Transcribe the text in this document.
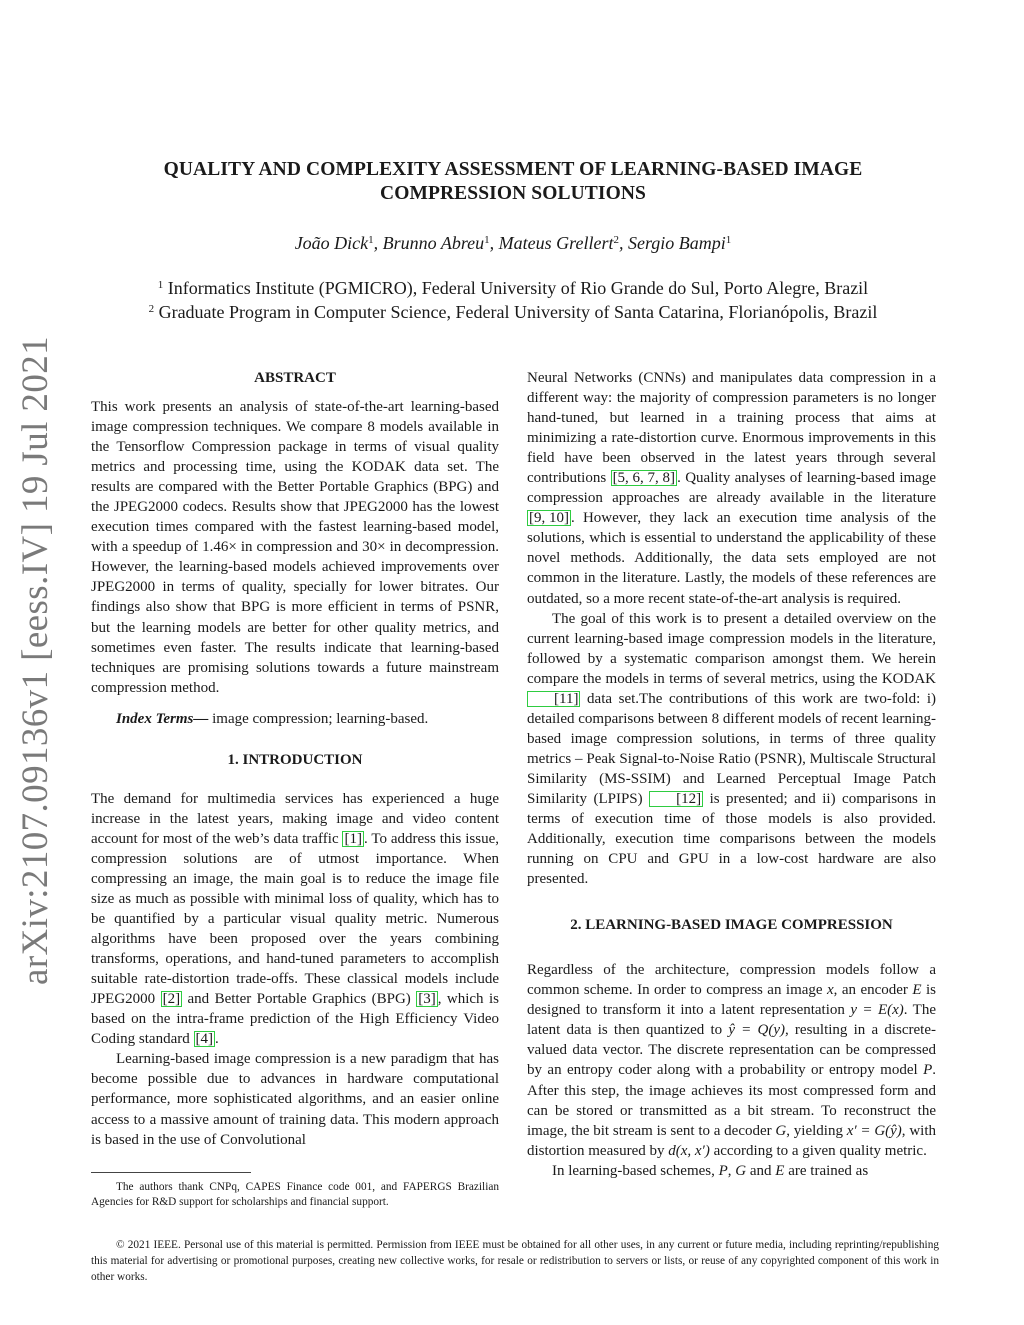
QUALITY AND COMPLEXITY ASSESSMENT OF LEARNING-BASED IMAGE
COMPRESSION SOLUTIONS
João Dick$^1$, Brunno Abreu$^1$, Mateus Grellert$^2$, Sergio Bampi$^1$
$^1$ Informatics Institute (PGMICRO), Federal University of Rio Grande do Sul, Porto Alegre, Brazil
$^2$ Graduate Program in Computer Science, Federal University of Santa Catarina, Florianópolis, Brazil
arXiv:2107.09136v1 [eess.IV] 19 Jul 2021	ABSTRACT

This work presents an analysis of state-of-the-art learning-based image compression techniques. We compare 8 models available in the Tensorflow Compression package in terms of visual quality metrics and processing time, using the KODAK data set. The results are compared with the Better Portable Graphics (BPG) and the JPEG2000 codecs. Results show that JPEG2000 has the lowest execution times compared with the fastest learning-based model, with a speedup of 1.46× in compression and 30× in decompression. However, the learning-based models achieved improvements over JPEG2000 in terms of quality, specially for lower bitrates. Our findings also show that BPG is more efficient in terms of PSNR, but the learning models are better for other quality metrics, and sometimes even faster. The results indicate that learning-based techniques are promising solutions towards a future mainstream compression method.

Index Terms— image compression; learning-based.

1. INTRODUCTION

The demand for multimedia services has experienced a huge increase in the latest years, making image and video content account for most of the web’s data traffic [1] . To address this issue, compression solutions are of utmost importance. When compressing an image, the main goal is to reduce the image file size as much as possible with minimal loss of quality, which has to be quantified by a particular visual quality metric. Numerous algorithms have been proposed over the years combining transforms, operations, and hand-tuned parameters to accomplish suitable rate-distortion trade-offs. These classical models include JPEG2000 [2] and Better Portable Graphics (BPG) [3] , which is based on the intra-frame prediction of the High Efficiency Video Coding standard [4] .

Learning-based image compression is a new paradigm that has become possible due to advances in hardware computational performance, more sophisticated algorithms, and an easier online access to a massive amount of training data. This modern approach is based in the use of Convolutional

The authors thank CNPq, CAPES Finance code 001, and FAPERGS Brazilian Agencies for R&D support for scholarships and financial support.

Neural Networks (CNNs) and manipulates data compression in a different way: the majority of compression parameters is no longer hand-tuned, but learned in a training process that aims at minimizing a rate-distortion curve. Enormous improvements in this field have been observed in the latest years through several contributions [5, 6, 7, 8] . Quality analyses of learning-based image compression approaches are already available in the literature [9, 10] . However, they lack an execution time analysis of the solutions, which is essential to understand the applicability of these novel methods. Additionally, the data sets employed are not common in the literature. Lastly, the models of these references are outdated, so a more recent state-of-the-art analysis is required.

The goal of this work is to present a detailed overview on the current learning-based image compression models in the literature, followed by a systematic comparison amongst them. We herein compare the models in terms of several metrics, using the KODAK [11] data set.The contributions of this work are two-fold: i) detailed comparisons between 8 different models of recent learning-based image compression solutions, in terms of three quality metrics – Peak Signal-to-Noise Ratio (PSNR), Multiscale Structural Similarity (MS-SSIM) and Learned Perceptual Image Patch Similarity (LPIPS) [12] is presented; and ii) comparisons in terms of execution time of those models is also provided. Additionally, execution time comparisons between the models running on CPU and GPU in a low-cost hardware are also presented.

2. LEARNING-BASED IMAGE COMPRESSION

Regardless of the architecture, compression models follow a common scheme. In order to compress an image x, an encoder E is designed to transform it into a latent representation y = E(x). The latent data is then quantized to ŷ = Q(y), resulting in a discrete-valued data vector. The discrete representation can be compressed by an entropy coder along with a probability or entropy model P. After this step, the image achieves its most compressed form and can be stored or transmitted as a bit stream. To reconstruct the image, the bit stream is sent to a decoder G, yielding x′ = G(ŷ), with distortion measured by d(x, x′) according to a given quality metric.

In learning-based schemes, P, G and E are trained as

© 2021 IEEE. Personal use of this material is permitted. Permission from IEEE must be obtained for all other uses, in any current or future media, including reprinting/republishing this material for advertising or promotional purposes, creating new collective works, for resale or redistribution to servers or lists, or reuse of any copyrighted component of this work in other works.
